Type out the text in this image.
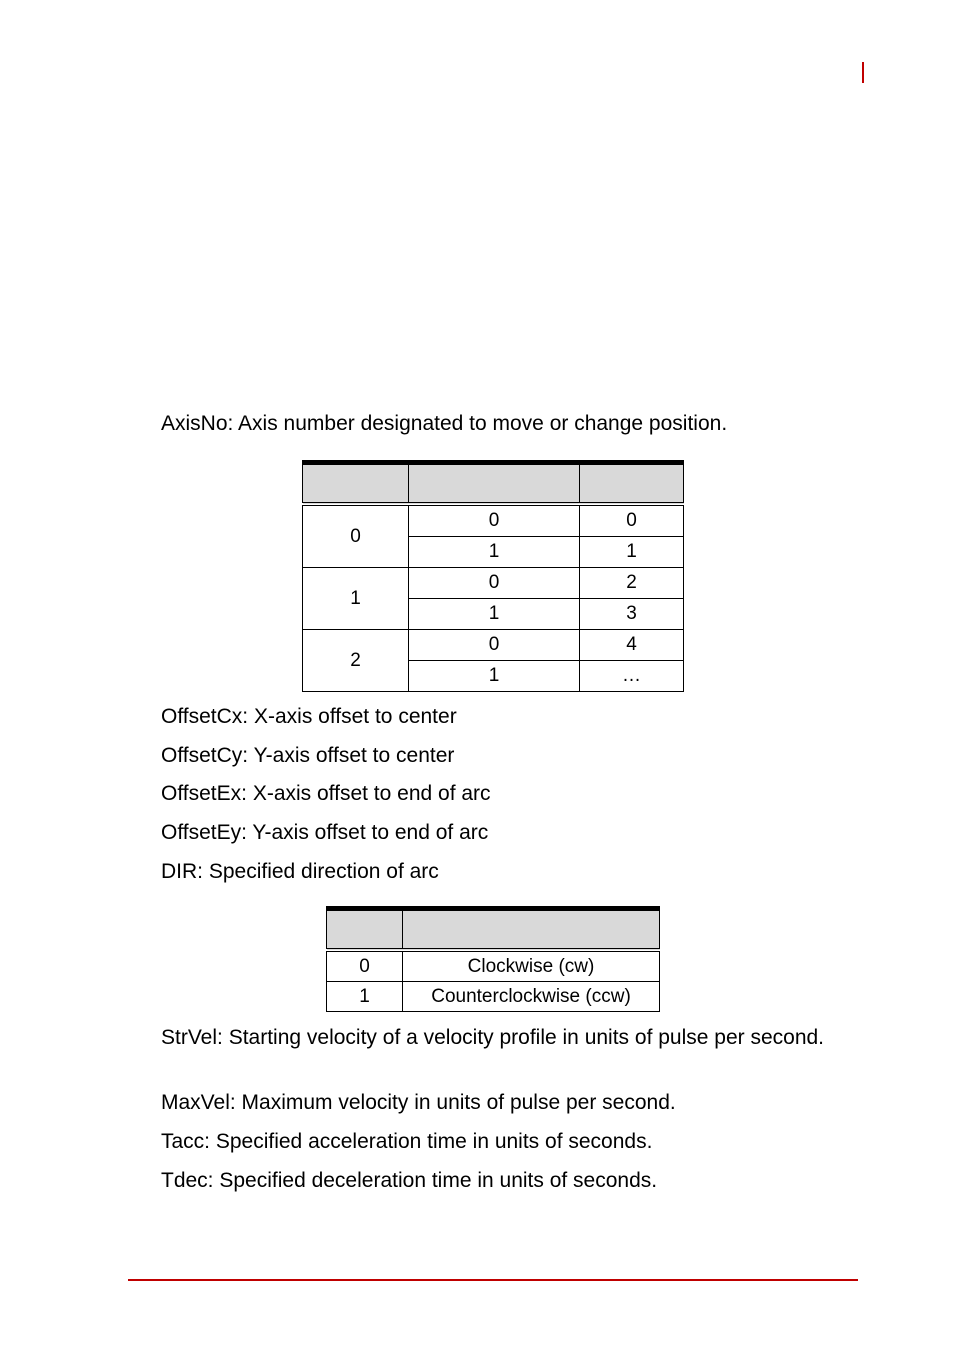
AxisNo: Axis number designated to move or change position.

0	0	0
	1	1
1	0	2
	1	3
2	0	4
	1	…

OffsetCx: X-axis offset to center

OffsetCy: Y-axis offset to center

OffsetEx: X-axis offset to end of arc

OffsetEy: Y-axis offset to end of arc

DIR: Specified direction of arc

0	Clockwise (cw)
1	Counterclockwise (ccw)

StrVel: Starting velocity of a velocity profile in units of pulse per second.

MaxVel: Maximum velocity in units of pulse per second.

Tacc: Specified acceleration time in units of seconds.

Tdec: Specified deceleration time in units of seconds.
